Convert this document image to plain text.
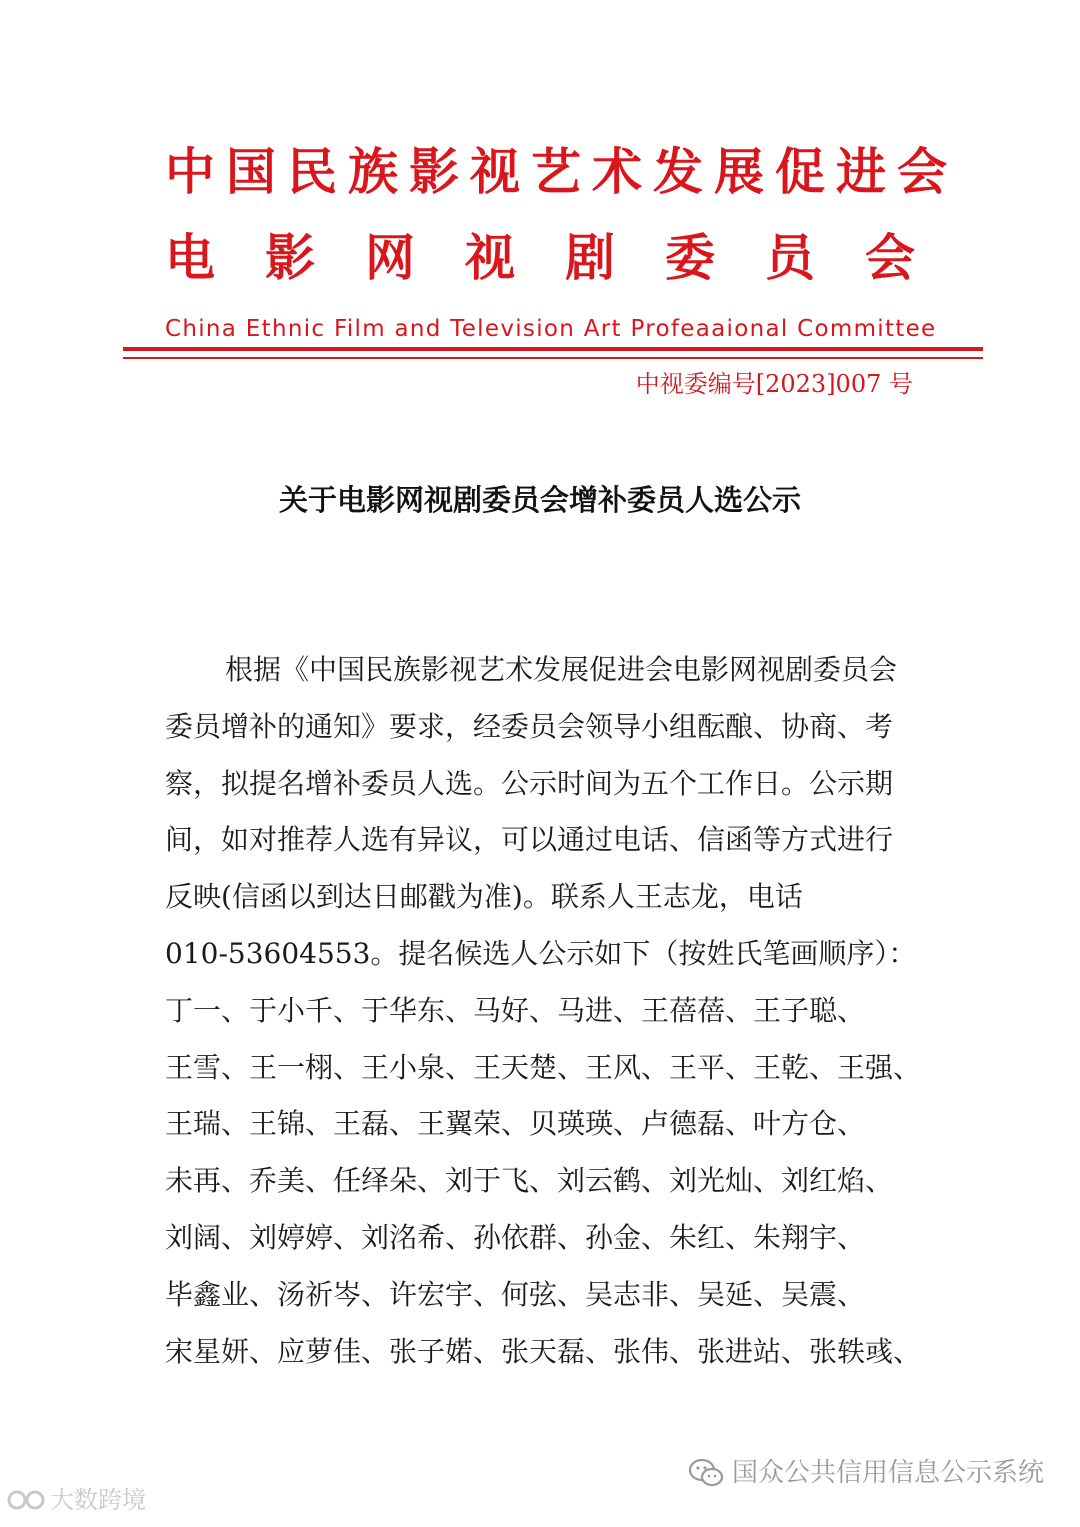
中国民族影视艺术发展促进会
电 影 网 视 剧 委 员 会
China Ethnic Film and Television Art Profeaaional Committee
中视委编号[2023]007 号
关于电影网视剧委员会增补委员人选公示

根据《中国民族影视艺术发展促进会电影网视剧委员会

委员增补的通知》要求，经委员会领导小组酝酿、协商、考

察，拟提名增补委员人选。公示时间为五个工作日。公示期

间，如对推荐人选有异议，可以通过电话、信函等方式进行

反映(信函以到达日邮戳为准)。联系人王志龙，电话

010-53604553。提名候选人公示如下（按姓氏笔画顺序）：

丁一、于小千、于华东、马好、马进、王蓓蓓、王子聪、

王雪、王一栩、王小泉、王天楚、王风、王平、王乾、王强、

王瑞、王锦、王磊、王翼荣、贝瑛瑛、卢德磊、叶方仓、

未再、乔美、任绎朵、刘于飞、刘云鹤、刘光灿、刘红焰、

刘阔、刘婷婷、刘洺希、孙依群、孙金、朱红、朱翔宇、

毕鑫业、汤祈岑、许宏宇、何弦、吴志非、吴延、吴震、

宋星妍、应萝佳、张子婼、张天磊、张伟、张进站、张轶彧、

大数跨境
国众公共信用信息公示系统
